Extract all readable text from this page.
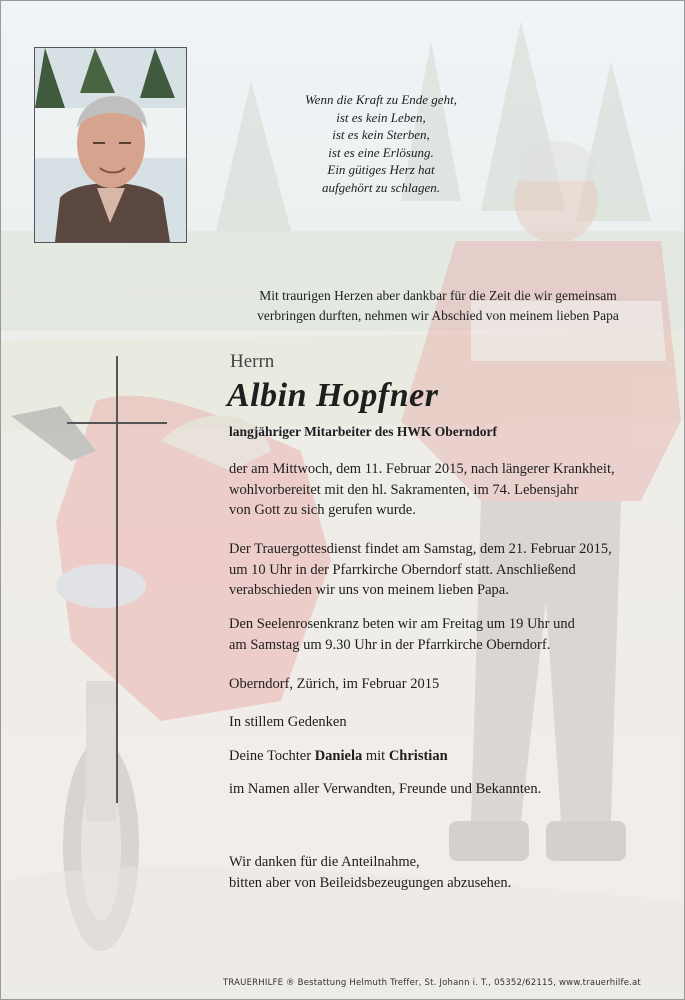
Wenn die Kraft zu Ende geht,
ist es kein Leben,
ist es kein Sterben,
ist es eine Erlösung.
Ein gütiges Herz hat
aufgehört zu schlagen.
Mit traurigen Herzen aber dankbar für die Zeit die wir gemeinsam
verbringen durften, nehmen wir Abschied von meinem lieben Papa
Herrn
Albin Hopfner
langjähriger Mitarbeiter des HWK Oberndorf
der am Mittwoch, dem 11. Februar 2015, nach längerer Krankheit,
wohlvorbereitet mit den hl. Sakramenten, im 74. Lebensjahr
von Gott zu sich gerufen wurde.
Der Trauergottesdienst findet am Samstag, dem 21. Februar 2015,
um 10 Uhr in der Pfarrkirche Oberndorf statt. Anschließend
verabschieden wir uns von meinem lieben Papa.
Den Seelenrosenkranz beten wir am Freitag um 19 Uhr und
am Samstag um 9.30 Uhr in der Pfarrkirche Oberndorf.
Oberndorf, Zürich, im Februar 2015
In stillem Gedenken
Deine Tochter Daniela mit Christian
im Namen aller Verwandten, Freunde und Bekannten.
Wir danken für die Anteilnahme,
bitten aber von Beileidsbezeugungen abzusehen.
TRAUERHILFE ® Bestattung Helmuth Treffer, St. Johann i. T., 05352/62115, www.trauerhilfe.at
